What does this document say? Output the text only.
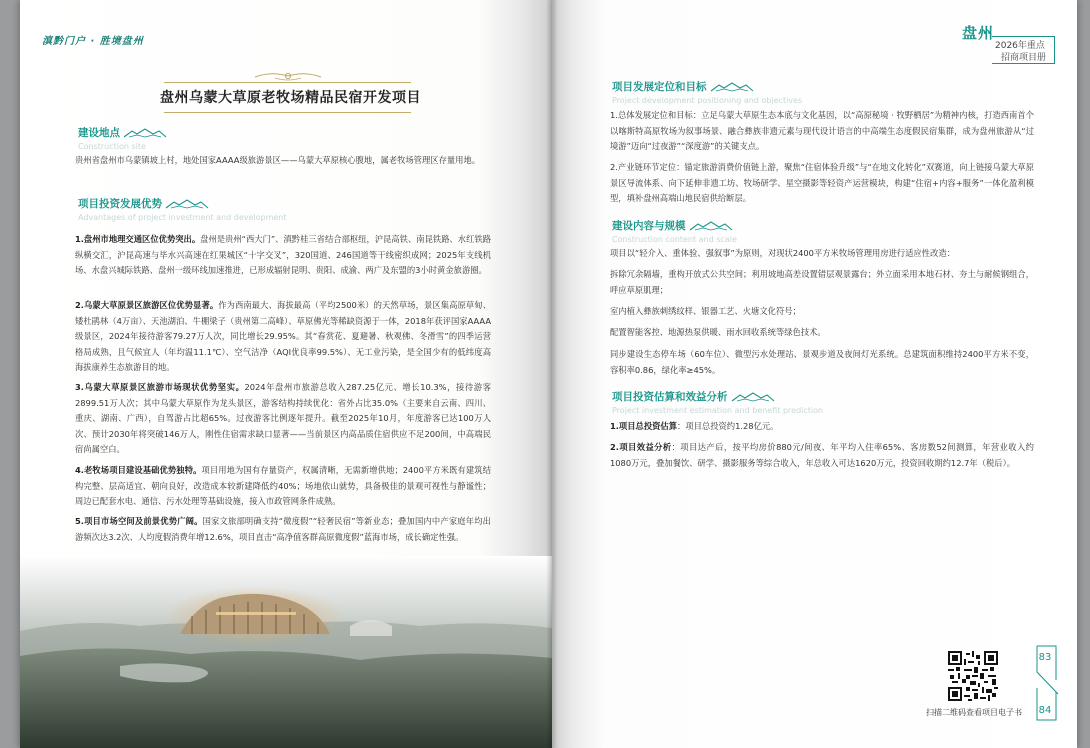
滇黔门户 · 胜境盘州
盘州乌蒙大草原老牧场精品民宿开发项目
建设地点
Construction site
贵州省盘州市乌蒙镇坡上村，地处国家AAAA级旅游景区——乌蒙大草原核心腹地，属老牧场管理区存量用地。
项目投资发展优势
Advantages of project investment and development
1.盘州市地理交通区位优势突出。盘州是贵州“西大门”、滇黔桂三省结合部枢纽，沪昆高铁、南昆铁路、水红铁路纵横交汇，沪昆高速与毕水兴高速在红果城区“十字交叉”，320国道、246国道等干线密织成网；2025年支线机场、水盘兴城际铁路、盘州一级环线加速推进，已形成辐射昆明、贵阳、成渝、两广及东盟的3小时黄金旅游圈。
2.乌蒙大草原景区旅游区位优势显著。作为西南最大、海拔最高（平均2500米）的天然草场，景区集高原草甸、矮杜鹃林（4万亩）、天池湖泊、牛棚梁子（贵州第二高峰）、草原佛光等稀缺资源于一体，2018年获评国家AAAA级景区，2024年接待游客79.27万人次，同比增长29.95%。其“春赏花、夏避暑、秋观佛、冬滑雪”的四季运营格局成熟，且气候宜人（年均温11.1℃）、空气洁净（AQI优良率99.5%）、无工业污染，是全国少有的低纬度高海拔康养生态旅游目的地。
3.乌蒙大草原景区旅游市场现状优势坚实。2024年盘州市旅游总收入287.25亿元、增长10.3%，接待游客2899.51万人次；其中乌蒙大草原作为龙头景区，游客结构持续优化：省外占比35.0%（主要来自云南、四川、重庆、湖南、广西），自驾游占比超65%。过夜游客比例逐年提升。截至2025年10月，年度游客已达100万人次、预计2030年将突破146万人，刚性住宿需求缺口显著——当前景区内高品质住宿供应不足200间，中高端民宿尚属空白。
4.老牧场项目建设基础优势独特。项目用地为国有存量资产，权属清晰，无需新增供地；2400平方米既有建筑结构完整、层高适宜、朝向良好，改造成本较新建降低约40%；场地依山就势，具备极佳的景观可视性与静谧性；周边已配套水电、通信、污水处理等基础设施，接入市政管网条件成熟。
5.项目市场空间及前景优势广阔。国家文旅部明确支持“微度假”“轻奢民宿”等新业态；叠加国内中产家庭年均出游频次达3.2次、人均度假消费年增12.6%，项目直击“高净值客群高原微度假”蓝海市场，成长确定性强。
盘州
2026年重点
招商项目册
项目发展定位和目标
Project development positioning and objectives
1.总体发展定位和目标：立足乌蒙大草原生态本底与文化基因，以“高原秘境 · 牧野栖居”为精神内核，打造西南首个以喀斯特高原牧场为叙事场景、融合彝族非遗元素与现代设计语言的中高端生态度假民宿集群，成为盘州旅游从“过境游”迈向“过夜游”“深度游”的关键支点。
2.产业链环节定位：锚定旅游消费价值链上游，聚焦“住宿体验升级”与“在地文化转化”双赛道，向上链接乌蒙大草原景区导流体系、向下延伸非遗工坊、牧场研学、星空摄影等轻资产运营模块，构建“住宿+内容+服务”一体化盈利模型，填补盘州高端山地民宿供给断层。
建设内容与规模
Construction content and scale
项目以“轻介入、重体验、强叙事”为原则，对现状2400平方米牧场管理用房进行适应性改造：
拆除冗余隔墙，重构开放式公共空间；利用坡地高差设置错层观景露台；外立面采用本地石材、夯土与耐候钢组合，呼应草原肌理；
室内植入彝族刺绣纹样、银器工艺、火塘文化符号；
配置智能客控、地源热泵供暖、雨水回收系统等绿色技术。
同步建设生态停车场（60车位）、微型污水处理站、景观步道及夜间灯光系统。总建筑面积维持2400平方米不变，容积率0.86，绿化率≥45%。
项目投资估算和效益分析
Project investment estimation and benefit prediction
1.项目总投资估算：项目总投资约1.28亿元。
2.项目效益分析：项目达产后，按平均房价880元/间夜、年平均入住率65%、客房数52间测算，年营业收入约1080万元，叠加餐饮、研学、摄影服务等综合收入，年总收入可达1620万元，投资回收期约12.7年（税后）。
扫描二维码查看项目电子书
83
84
